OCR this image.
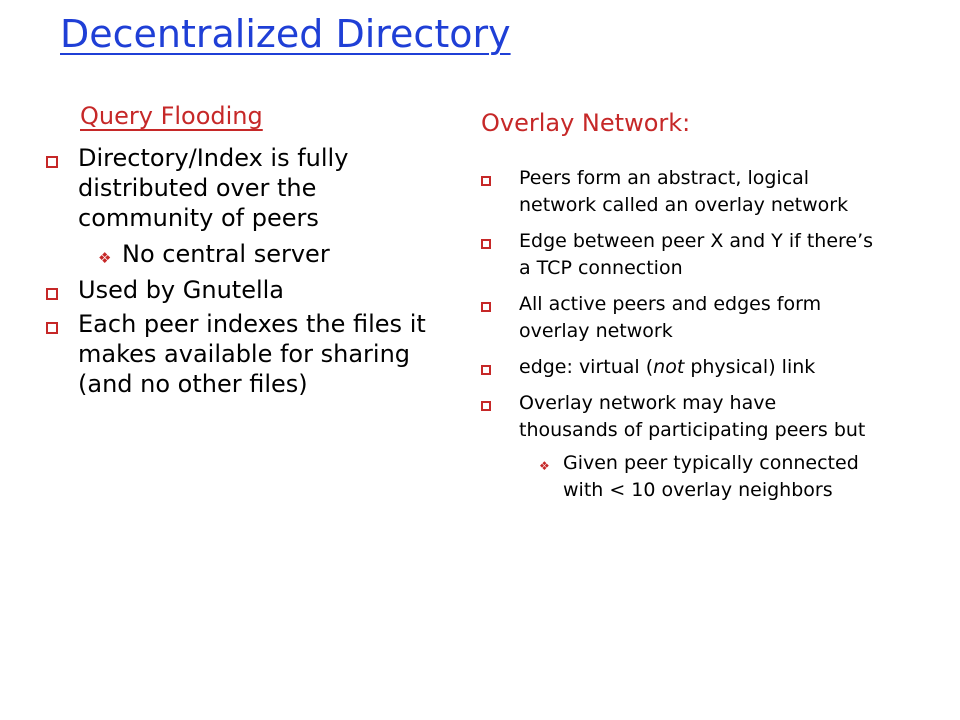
Decentralized Directory
Query Flooding
Directory/Index is fully distributed over the community of peers
❖ No central server
Used by Gnutella
Each peer indexes the files it makes available for sharing (and no other files)
Overlay Network:
Peers form an abstract, logical network called an overlay network
Edge between peer X and Y if there’s a TCP connection
All active peers and edges form overlay network
edge: virtual (not physical) link
Overlay network may have thousands of participating peers but
❖ Given peer typically connected with < 10 overlay neighbors
